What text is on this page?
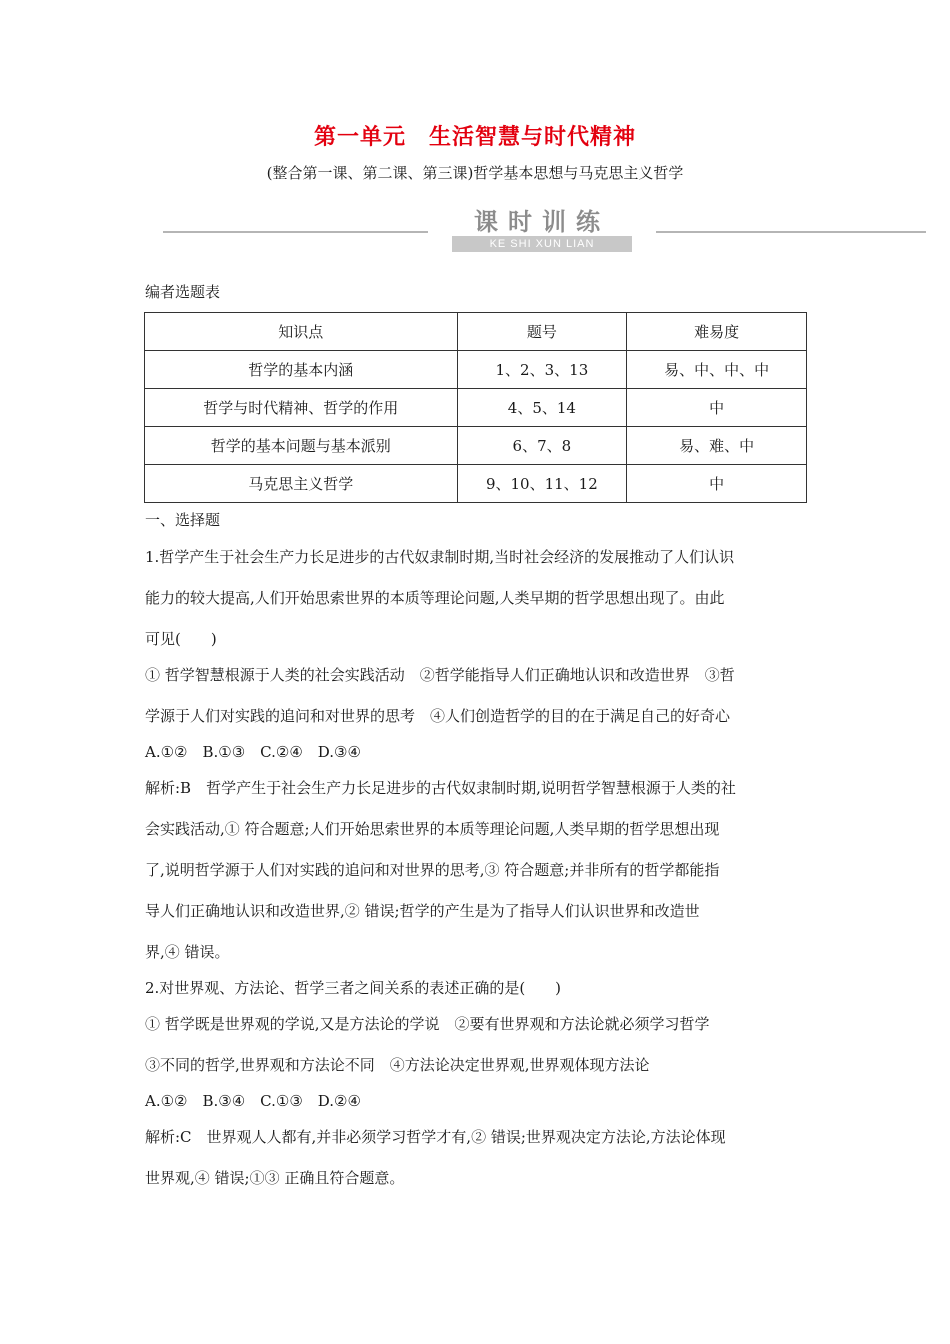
第一单元　生活智慧与时代精神
(整合第一课、第二课、第三课)哲学基本思想与马克思主义哲学
课时训练
KE SHI XUN LIAN
编者选题表
知识点	题号	难易度
哲学的基本内涵	1、2、3、13	易、中、中、中
哲学与时代精神、哲学的作用	4、5、14	中
哲学的基本问题与基本派别	6、7、8	易、难、中
马克思主义哲学	9、10、11、12	中
一、选择题
1.哲学产生于社会生产力长足进步的古代奴隶制时期,当时社会经济的发展推动了人们认识
能力的较大提高,人们开始思索世界的本质等理论问题,人类早期的哲学思想出现了。由此
可见(　　)
① 哲学智慧根源于人类的社会实践活动　②哲学能指导人们正确地认识和改造世界　③哲
学源于人们对实践的追问和对世界的思考　④人们创造哲学的目的在于满足自己的好奇心
A.①②　B.①③　C.②④　D.③④
解析:B　哲学产生于社会生产力长足进步的古代奴隶制时期,说明哲学智慧根源于人类的社
会实践活动,① 符合题意;人们开始思索世界的本质等理论问题,人类早期的哲学思想出现
了,说明哲学源于人们对实践的追问和对世界的思考,③ 符合题意;并非所有的哲学都能指
导人们正确地认识和改造世界,② 错误;哲学的产生是为了指导人们认识世界和改造世
界,④ 错误。
2.对世界观、方法论、哲学三者之间关系的表述正确的是(　　)
① 哲学既是世界观的学说,又是方法论的学说　②要有世界观和方法论就必须学习哲学
③不同的哲学,世界观和方法论不同　④方法论决定世界观,世界观体现方法论
A.①②　B.③④　C.①③　D.②④
解析:C　世界观人人都有,并非必须学习哲学才有,② 错误;世界观决定方法论,方法论体现
世界观,④ 错误;①③ 正确且符合题意。
